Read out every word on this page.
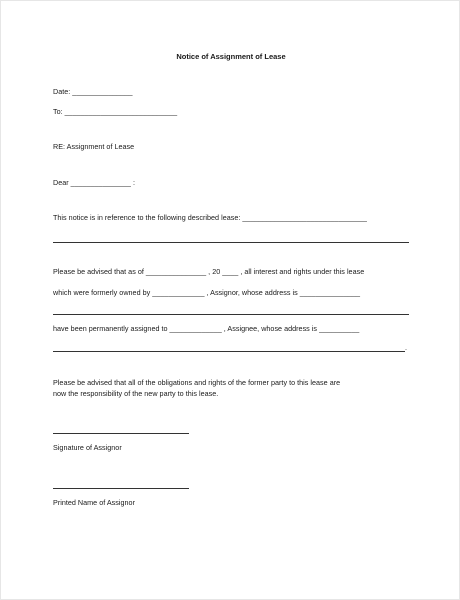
Notice of Assignment of Lease
Date: _______________
To: ____________________________
RE: Assignment of Lease
Dear _______________ :
This notice is in reference to the following described lease: _______________________________
Please be advised that as of _______________ , 20 ____ , all interest and rights under this lease
which were formerly owned by _____________ , Assignor, whose address is _______________
have been permanently assigned to _____________ , Assignee, whose address is __________
.
Please be advised that all of the obligations and rights of the former party to this lease are
now the responsibility of the new party to this lease.
Signature of Assignor
Printed Name of Assignor
